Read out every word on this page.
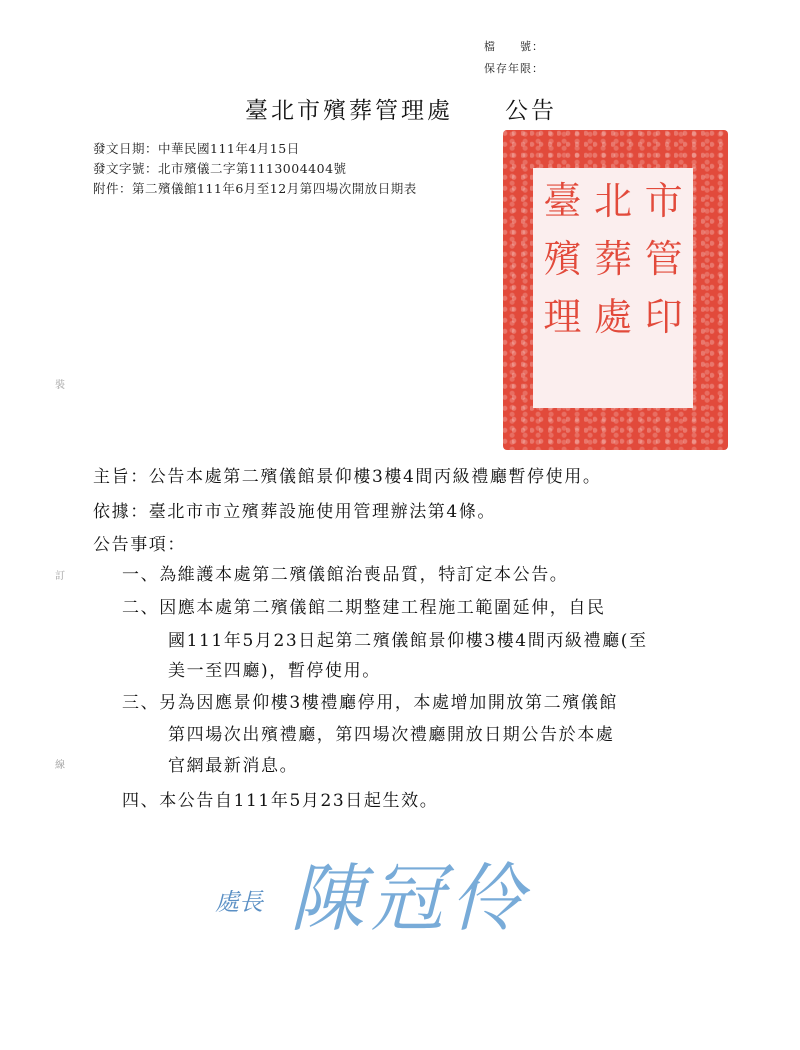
檔　　號：
保存年限：
臺北市殯葬管理處　　公告
發文日期：中華民國111年4月15日
發文字號：北市殯儀二字第1113004404號
附件：第二殯儀館111年6月至12月第四場次開放日期表	臺 北 市
殯 葬 管
理 處 印
裝
訂
線
主旨：公告本處第二殯儀館景仰樓3樓4間丙級禮廳暫停使用。
依據：臺北市市立殯葬設施使用管理辦法第4條。
公告事項：
一、為維護本處第二殯儀館治喪品質，特訂定本公告。
二、因應本處第二殯儀館二期整建工程施工範圍延伸，自民
國111年5月23日起第二殯儀館景仰樓3樓4間丙級禮廳(至
美一至四廳)，暫停使用。
三、另為因應景仰樓3樓禮廳停用，本處增加開放第二殯儀館
第四場次出殯禮廳，第四場次禮廳開放日期公告於本處
官網最新消息。
四、本公告自111年5月23日起生效。
處長 陳冠伶
